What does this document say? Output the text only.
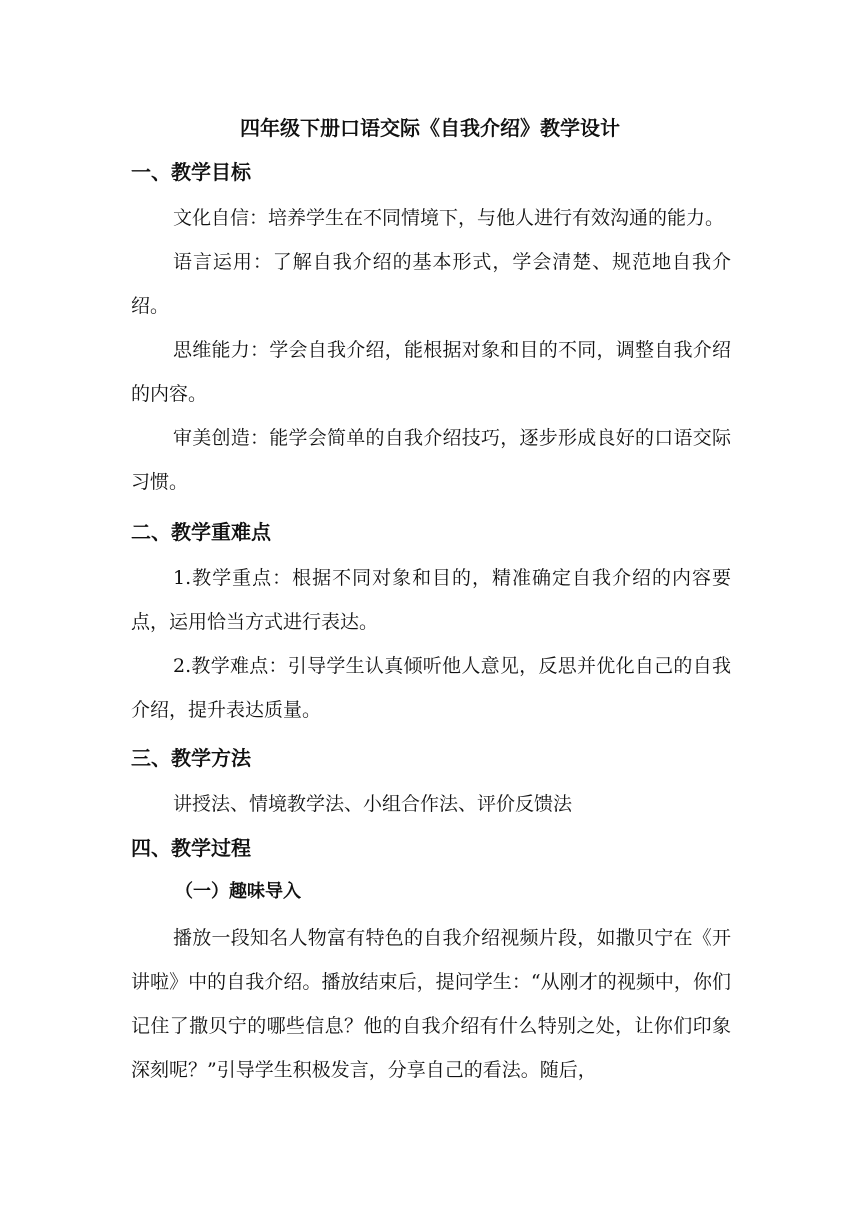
四年级下册口语交际《自我介绍》教学设计
一、教学目标

文化自信：培养学生在不同情境下，与他人进行有效沟通的能力。

语言运用：了解自我介绍的基本形式，学会清楚、规范地自我介绍。

思维能力：学会自我介绍，能根据对象和目的不同，调整自我介绍的内容。

审美创造：能学会简单的自我介绍技巧，逐步形成良好的口语交际习惯。

二、教学重难点

1.教学重点：根据不同对象和目的，精准确定自我介绍的内容要点，运用恰当方式进行表达。

2.教学难点：引导学生认真倾听他人意见，反思并优化自己的自我介绍，提升表达质量。

三、教学方法

讲授法、情境教学法、小组合作法、评价反馈法

四、教学过程
（一）趣味导入

播放一段知名人物富有特色的自我介绍视频片段，如撒贝宁在《开讲啦》中的自我介绍。播放结束后，提问学生：“从刚才的视频中，你们记住了撒贝宁的哪些信息？他的自我介绍有什么特别之处，让你们印象深刻呢？”引导学生积极发言，分享自己的看法。随后，
